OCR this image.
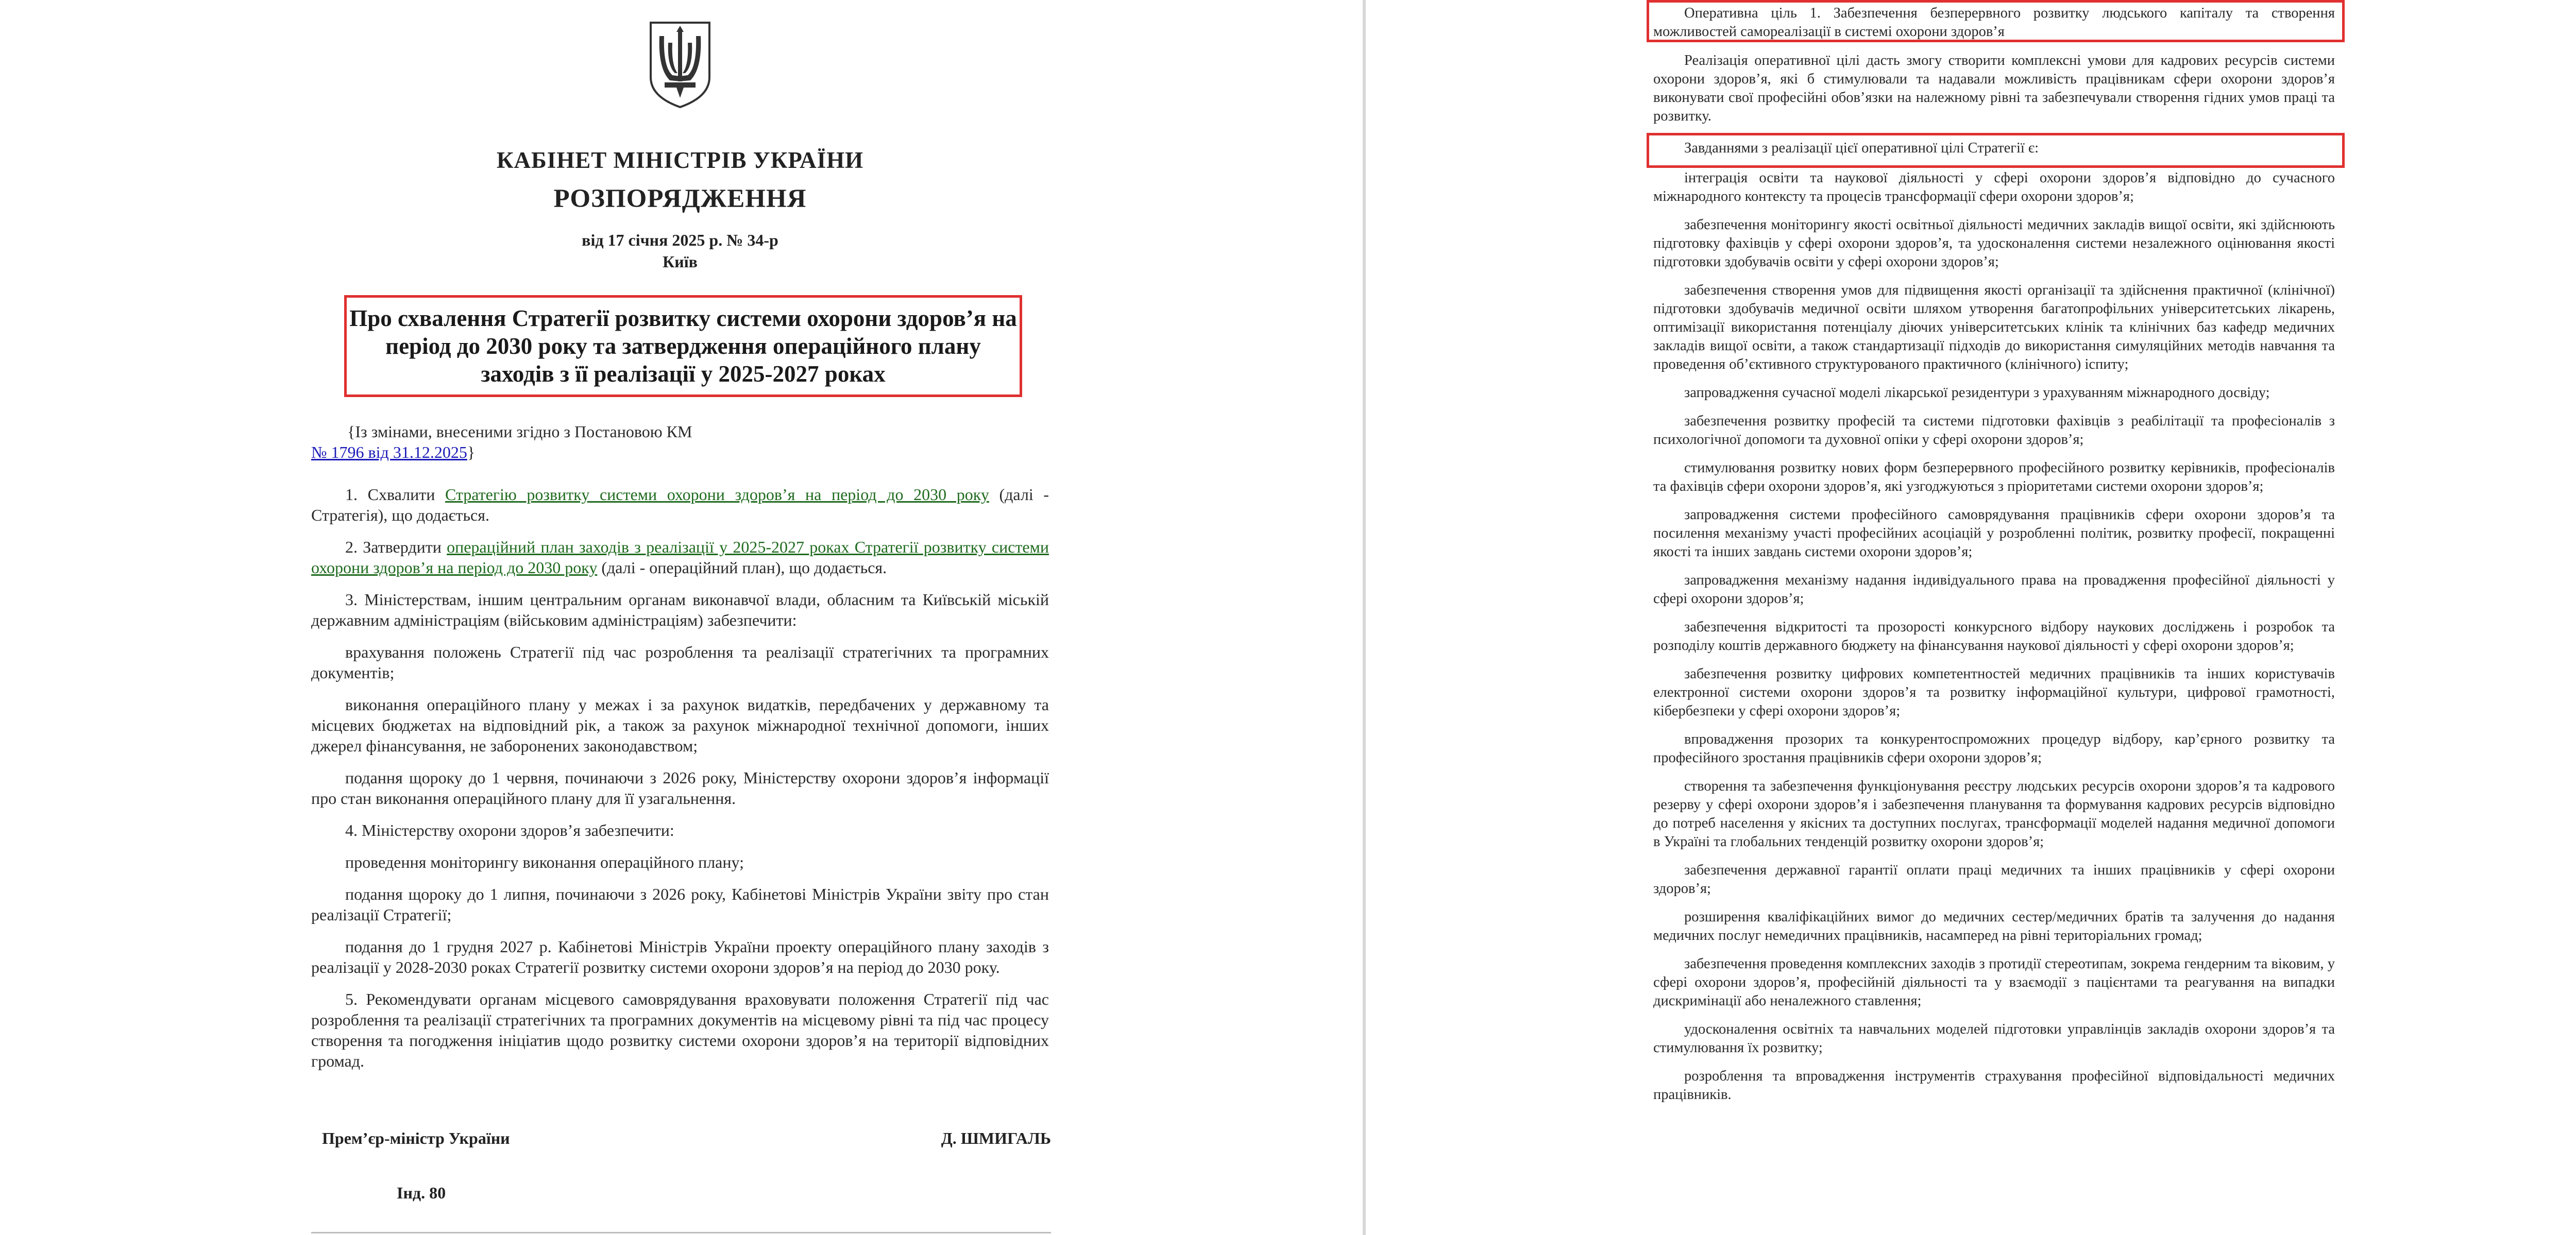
КАБІНЕТ МІНІСТРІВ УКРАЇНИ
РОЗПОРЯДЖЕННЯ
від 17 січня 2025 р. № 34-р
Київ

Про схвалення Стратегії розвитку системи охорони здоров’я на період до 2030 року та затвердження операційного плану заходів з її реалізації у 2025-2027 роках

{Із змінами, внесеними згідно з Постановою КМ
№ 1796 від 31.12.2025}

1. Схвалити Стратегію розвитку системи охорони здоров’я на період до 2030 року (далі - Стратегія), що додається.

2. Затвердити операційний план заходів з реалізації у 2025-2027 роках Стратегії розвитку системи охорони здоров’я на період до 2030 року (далі - операційний план), що додається.

3. Міністерствам, іншим центральним органам виконавчої влади, обласним та Київській міській державним адміністраціям (військовим адміністраціям) забезпечити:

врахування положень Стратегії під час розроблення та реалізації стратегічних та програмних документів;

виконання операційного плану у межах і за рахунок видатків, передбачених у державному та місцевих бюджетах на відповідний рік, а також за рахунок міжнародної технічної допомоги, інших джерел фінансування, не заборонених законодавством;

подання щороку до 1 червня, починаючи з 2026 року, Міністерству охорони здоров’я інформації про стан виконання операційного плану для її узагальнення.

4. Міністерству охорони здоров’я забезпечити:

проведення моніторингу виконання операційного плану;

подання щороку до 1 липня, починаючи з 2026 року, Кабінетові Міністрів України звіту про стан реалізації Стратегії;

подання до 1 грудня 2027 р. Кабінетові Міністрів України проекту операційного плану заходів з реалізації у 2028-2030 роках Стратегії розвитку системи охорони здоров’я на період до 2030 року.

5. Рекомендувати органам місцевого самоврядування враховувати положення Стратегії під час розроблення та реалізації стратегічних та програмних документів на місцевому рівні та під час процесу створення та погодження ініціатив щодо розвитку системи охорони здоров’я на території відповідних громад.

Прем’єр-міністр України	Д. ШМИГАЛЬ
Інд. 80

Оперативна ціль 1. Забезпечення безперервного розвитку людського капіталу та створення можливостей самореалізації в системі охорони здоров’я

Реалізація оперативної цілі дасть змогу створити комплексні умови для кадрових ресурсів системи охорони здоров’я, які б стимулювали та надавали можливість працівникам сфери охорони здоров’я виконувати свої професійні обов’язки на належному рівні та забезпечували створення гідних умов праці та розвитку.

Завданнями з реалізації цієї оперативної цілі Стратегії є:

інтеграція освіти та наукової діяльності у сфері охорони здоров’я відповідно до сучасного міжнародного контексту та процесів трансформації сфери охорони здоров’я;

забезпечення моніторингу якості освітньої діяльності медичних закладів вищої освіти, які здійснюють підготовку фахівців у сфері охорони здоров’я, та удосконалення системи незалежного оцінювання якості підготовки здобувачів освіти у сфері охорони здоров’я;

забезпечення створення умов для підвищення якості організації та здійснення практичної (клінічної) підготовки здобувачів медичної освіти шляхом утворення багатопрофільних університетських лікарень, оптимізації використання потенціалу діючих університетських клінік та клінічних баз кафедр медичних закладів вищої освіти, а також стандартизації підходів до використання симуляційних методів навчання та проведення об’єктивного структурованого практичного (клінічного) іспиту;

запровадження сучасної моделі лікарської резидентури з урахуванням міжнародного досвіду;

забезпечення розвитку професій та системи підготовки фахівців з реабілітації та професіоналів з психологічної допомоги та духовної опіки у сфері охорони здоров’я;

стимулювання розвитку нових форм безперервного професійного розвитку керівників, професіоналів та фахівців сфери охорони здоров’я, які узгоджуються з пріоритетами системи охорони здоров’я;

запровадження системи професійного самоврядування працівників сфери охорони здоров’я та посилення механізму участі професійних асоціацій у розробленні політик, розвитку професії, покращенні якості та інших завдань системи охорони здоров’я;

запровадження механізму надання індивідуального права на провадження професійної діяльності у сфері охорони здоров’я;

забезпечення відкритості та прозорості конкурсного відбору наукових досліджень і розробок та розподілу коштів державного бюджету на фінансування наукової діяльності у сфері охорони здоров’я;

забезпечення розвитку цифрових компетентностей медичних працівників та інших користувачів електронної системи охорони здоров’я та розвитку інформаційної культури, цифрової грамотності, кібербезпеки у сфері охорони здоров’я;

впровадження прозорих та конкурентоспроможних процедур відбору, кар’єрного розвитку та професійного зростання працівників сфери охорони здоров’я;

створення та забезпечення функціонування реєстру людських ресурсів охорони здоров’я та кадрового резерву у сфері охорони здоров’я і забезпечення планування та формування кадрових ресурсів відповідно до потреб населення у якісних та доступних послугах, трансформації моделей надання медичної допомоги в Україні та глобальних тенденцій розвитку охорони здоров’я;

забезпечення державної гарантії оплати праці медичних та інших працівників у сфері охорони здоров’я;

розширення кваліфікаційних вимог до медичних сестер/медичних братів та залучення до надання медичних послуг немедичних працівників, насамперед на рівні територіальних громад;

забезпечення проведення комплексних заходів з протидії стереотипам, зокрема гендерним та віковим, у сфері охорони здоров’я, професійній діяльності та у взаємодії з пацієнтами та реагування на випадки дискримінації або неналежного ставлення;

удосконалення освітніх та навчальних моделей підготовки управлінців закладів охорони здоров’я та стимулювання їх розвитку;

розроблення та впровадження інструментів страхування професійної відповідальності медичних працівників.
